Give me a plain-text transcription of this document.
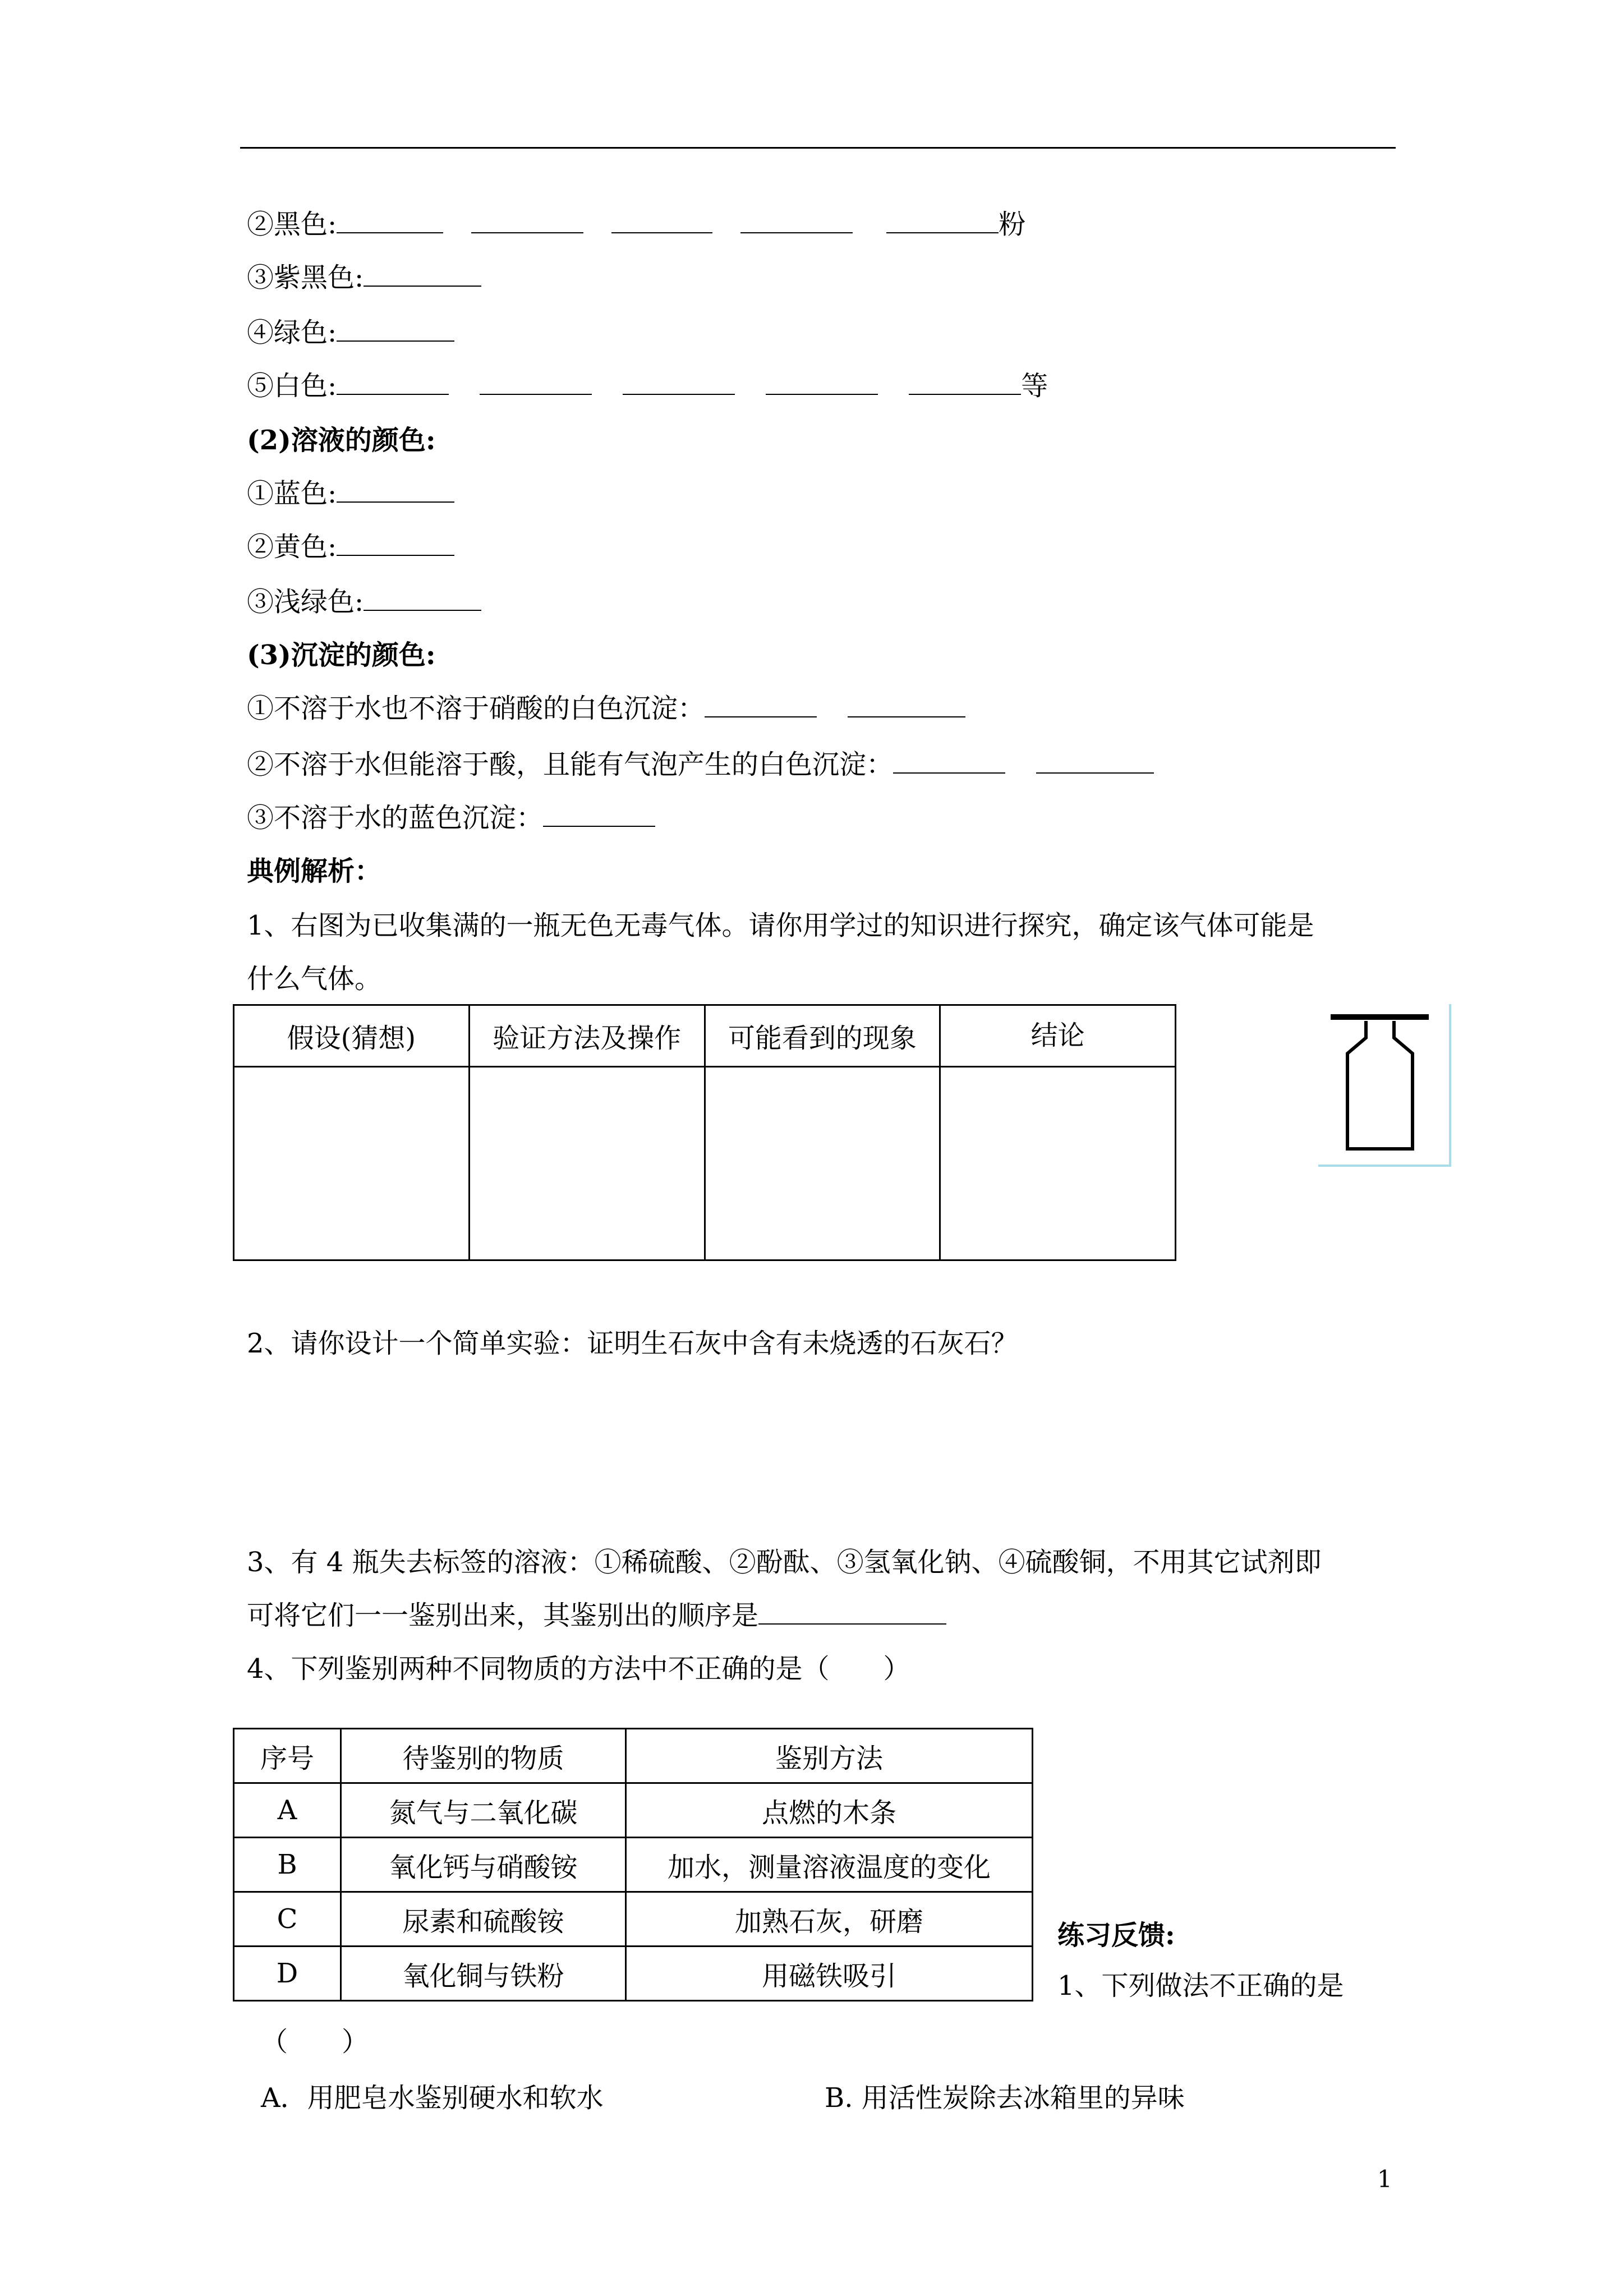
②黑色:	粉
③紫黑色:
④绿色:
⑤白色:	等
(2)溶液的颜色:
①蓝色:
②黄色:
③浅绿色:
(3)沉淀的颜色:
①不溶于水也不溶于硝酸的白色沉淀：
②不溶于水但能溶于酸，且能有气泡产生的白色沉淀：
③不溶于水的蓝色沉淀：
典例解析：
1、右图为已收集满的一瓶无色无毒气体。请你用学过的知识进行探究，确定该气体可能是
什么气体。
假设(猜想)	验证方法及操作	可能看到的现象	结论

2、请你设计一个简单实验：证明生石灰中含有未烧透的石灰石？
3、有 4 瓶失去标签的溶液：①稀硫酸、②酚酞、③氢氧化钠、④硫酸铜，不用其它试剂即
可将它们一一鉴别出来，其鉴别出的顺序是
4、下列鉴别两种不同物质的方法中不正确的是（　　）
序号	待鉴别的物质	鉴别方法
A	氮气与二氧化碳	点燃的木条
B	氧化钙与硝酸铵	加水，测量溶液温度的变化
C	尿素和硫酸铵	加熟石灰，研磨
D	氧化铜与铁粉	用磁铁吸引
练习反馈:
1、下列做法不正确的是
（　　）
A．用肥皂水鉴别硬水和软水	B. 用活性炭除去冰箱里的异味
1
